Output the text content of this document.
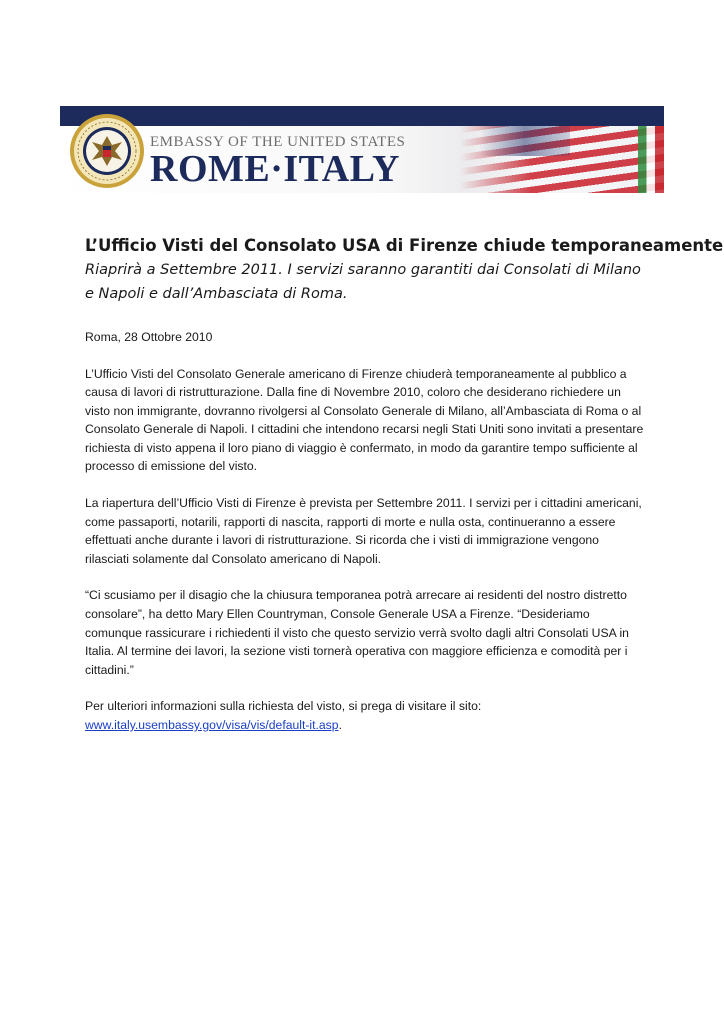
EMBASSY OF THE UNITED STATES
ROME·ITALY
L’Ufficio Visti del Consolato USA di Firenze chiude temporaneamente

Riaprirà a Settembre 2011. I servizi saranno garantiti dai Consolati di Milano e Napoli e dall’Ambasciata di Roma.

Roma, 28 Ottobre 2010

L’Ufficio Visti del Consolato Generale americano di Firenze chiuderà temporaneamente al pubblico a causa di lavori di ristrutturazione. Dalla fine di Novembre 2010, coloro che desiderano richiedere un visto non immigrante, dovranno rivolgersi al Consolato Generale di Milano, all’Ambasciata di Roma o al Consolato Generale di Napoli. I cittadini che intendono recarsi negli Stati Uniti sono invitati a presentare richiesta di visto appena il loro piano di viaggio è confermato, in modo da garantire tempo sufficiente al processo di emissione del visto.

La riapertura dell’Ufficio Visti di Firenze è prevista per Settembre 2011. I servizi per i cittadini americani, come passaporti, notarili, rapporti di nascita, rapporti di morte e nulla osta, continueranno a essere effettuati anche durante i lavori di ristrutturazione. Si ricorda che i visti di immigrazione vengono rilasciati solamente dal Consolato americano di Napoli.

“Ci scusiamo per il disagio che la chiusura temporanea potrà arrecare ai residenti del nostro distretto consolare”, ha detto Mary Ellen Countryman, Console Generale USA a Firenze. “Desideriamo comunque rassicurare i richiedenti il visto che questo servizio verrà svolto dagli altri Consolati USA in Italia. Al termine dei lavori, la sezione visti tornerà operativa con maggiore efficienza e comodità per i cittadini.”

Per ulteriori informazioni sulla richiesta del visto, si prega di visitare il sito:
www.italy.usembassy.gov/visa/vis/default-it.asp.
